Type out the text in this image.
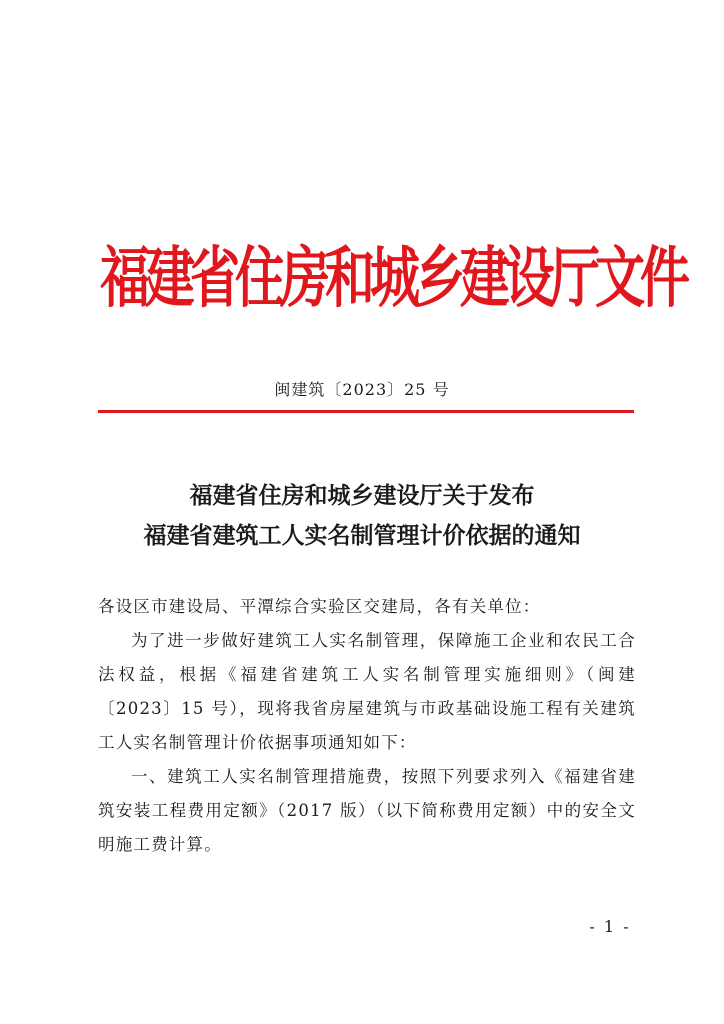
福建省住房和城乡建设厅文件
闽建筑〔2023〕25 号
福建省住房和城乡建设厅关于发布
福建省建筑工人实名制管理计价依据的通知
各设区市建设局、平潭综合实验区交建局，各有关单位：

为了进一步做好建筑工人实名制管理，保障施工企业和农民工合法权益，根据《福建省建筑工人实名制管理实施细则》（闽建〔2023〕15 号），现将我省房屋建筑与市政基础设施工程有关建筑工人实名制管理计价依据事项通知如下：

一、建筑工人实名制管理措施费，按照下列要求列入《福建省建筑安装工程费用定额》（2017 版）（以下简称费用定额）中的安全文明施工费计算。

- 1 -
